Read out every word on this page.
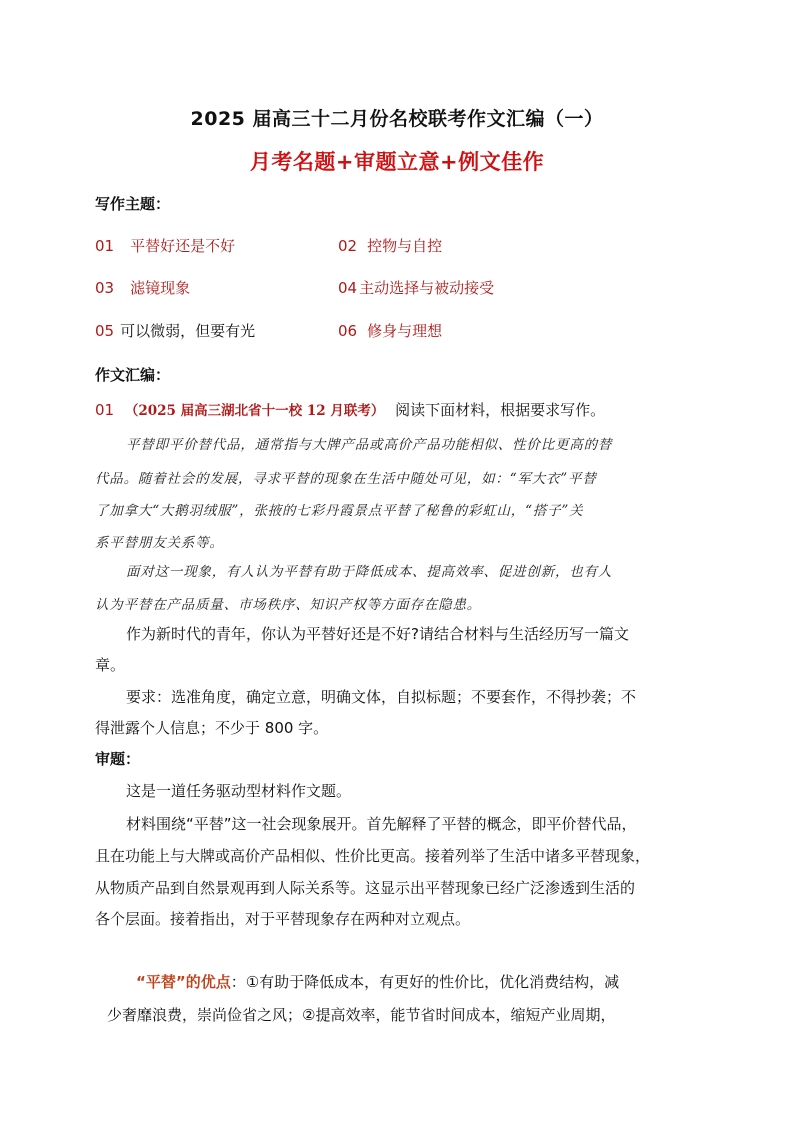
2025 届高三十二月份名校联考作文汇编（一）
月考名题+审题立意+例文佳作
写作主题：
01 平替好还是不好	02 控物与自控
03 滤镜现象	04 主动选择与被动接受
05 可以微弱，但要有光	06 修身与理想
作文汇编：
01 （2025 届高三湖北省十一校 12 月联考） 阅读下面材料，根据要求写作。
平替即平价替代品，通常指与大牌产品或高价产品功能相似、性价比更高的替
代品。随着社会的发展，寻求平替的现象在生活中随处可见，如：“军大衣”平替
了加拿大“大鹅羽绒服”，张掖的七彩丹霞景点平替了秘鲁的彩虹山，“搭子”关
系平替朋友关系等。
面对这一现象，有人认为平替有助于降低成本、提高效率、促进创新，也有人
认为平替在产品质量、市场秩序、知识产权等方面存在隐患。
作为新时代的青年，你认为平替好还是不好?请结合材料与生活经历写一篇文
章。
要求：选准角度，确定立意，明确文体，自拟标题；不要套作，不得抄袭；不
得泄露个人信息；不少于 800 字。
审题：
这是一道任务驱动型材料作文题。
材料围绕“平替”这一社会现象展开。首先解释了平替的概念，即平价替代品，
且在功能上与大牌或高价产品相似、性价比更高。接着列举了生活中诸多平替现象，
从物质产品到自然景观再到人际关系等。这显示出平替现象已经广泛渗透到生活的
各个层面。接着指出，对于平替现象存在两种对立观点。
“平替”的优点：①有助于降低成本，有更好的性价比，优化消费结构，减
少奢靡浪费，崇尚俭省之风；②提高效率，能节省时间成本，缩短产业周期，
